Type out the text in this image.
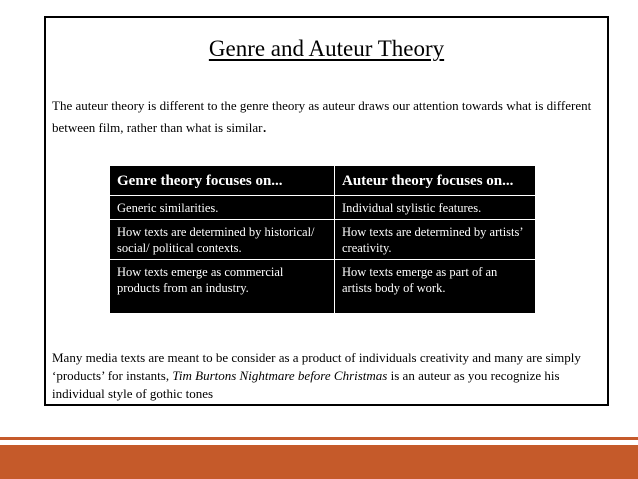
Genre and Auteur Theory
The auteur theory is different to the genre theory as auteur draws our attention towards what is different between film, rather than what is similar.
Genre theory focuses on...	Auteur theory focuses on...
Generic similarities.	Individual stylistic features.
How texts are determined by historical/ social/ political contexts.	How texts are determined by artists’ creativity.
How texts emerge as commercial products from an industry.	How texts emerge as part of an artists body of work.
Many media texts are meant to be consider as a product of individuals creativity and many are simply ‘products’ for instants, Tim Burtons Nightmare before Christmas is an auteur as you recognize his individual style of gothic tones
